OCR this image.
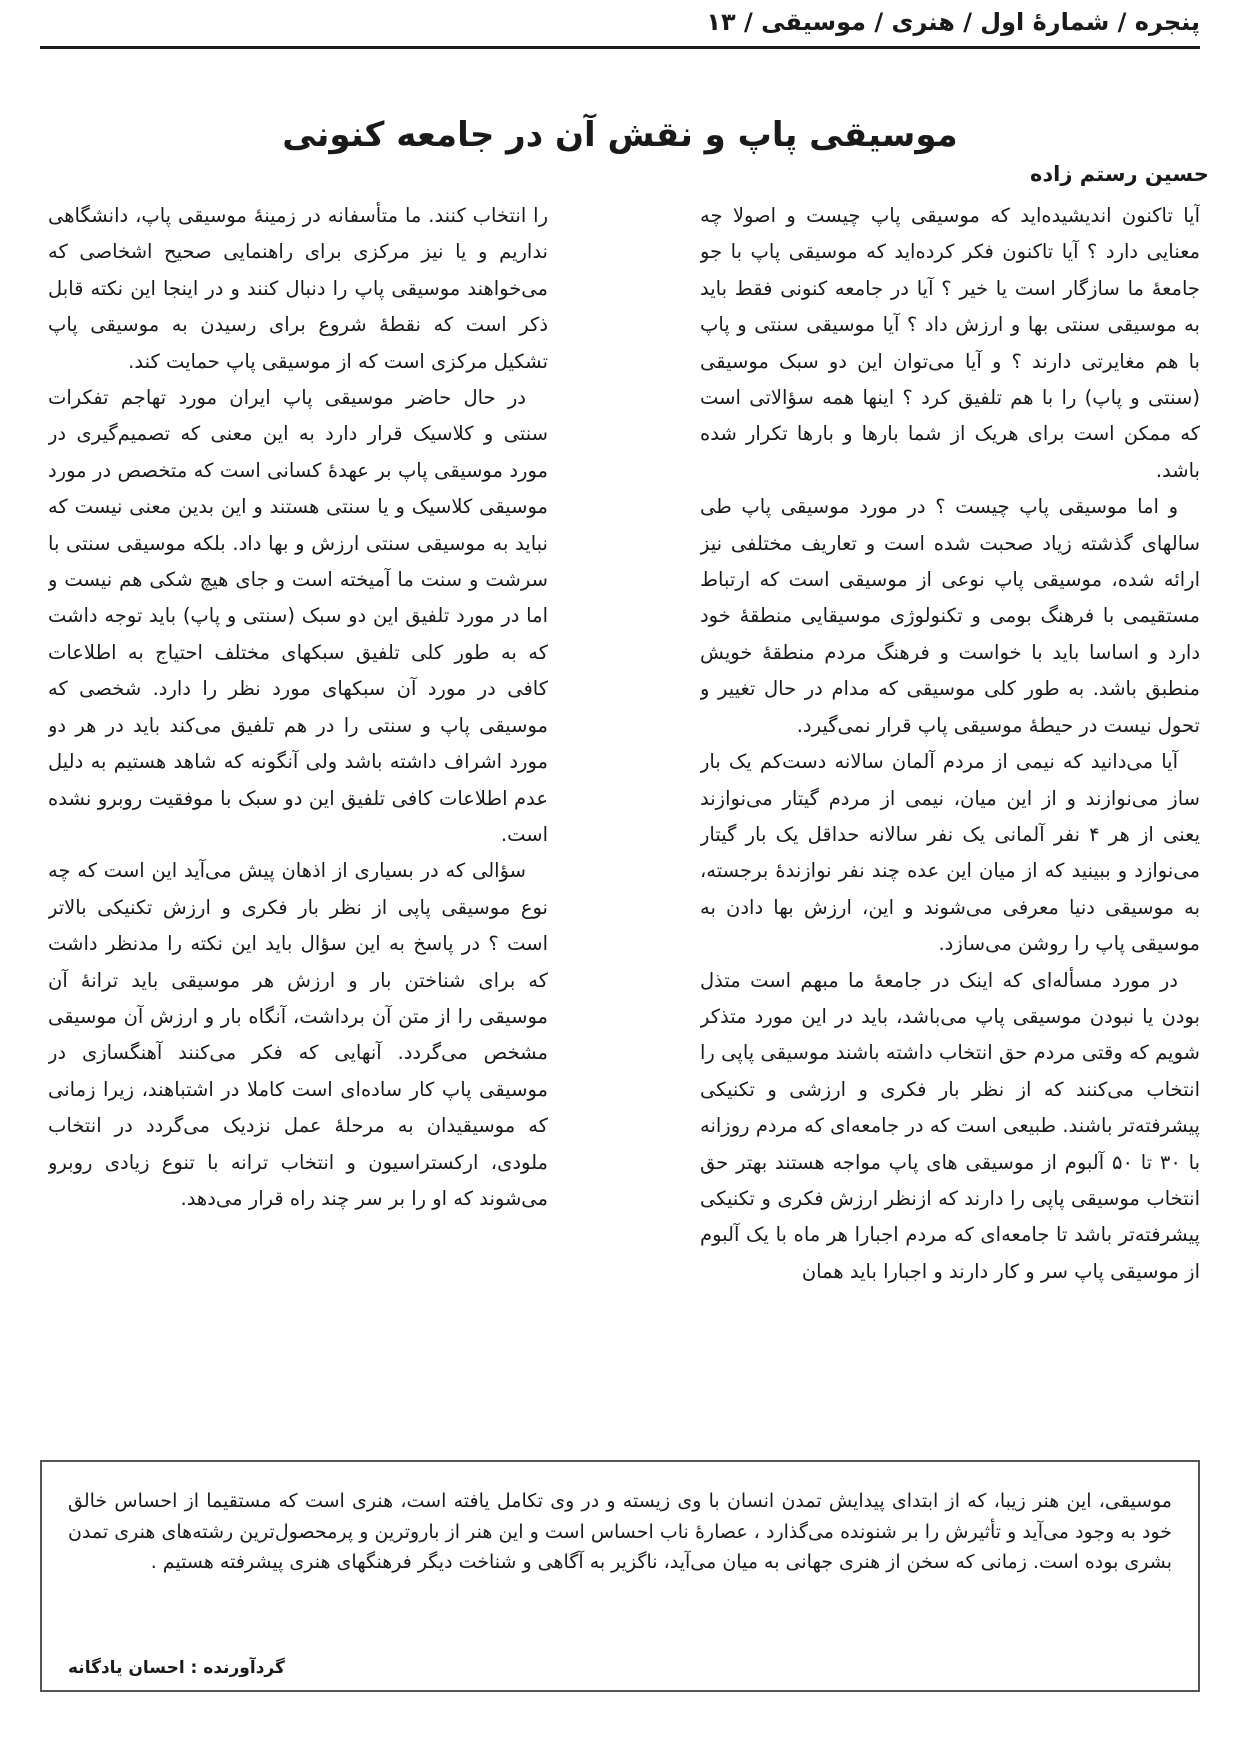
پنجره / شمارهٔ اول / هنری / موسیقی / ۱۳
موسیقی پاپ و نقش آن در جامعه کنونی
حسین رستم زاده

آیا تاکنون اندیشیده‌اید که موسیقی پاپ چیست و اصولا چه معنایی دارد ؟ آیا تاکنون فکر کرده‌اید که موسیقی پاپ با جو جامعهٔ ما سازگار است یا خیر ؟ آیا در جامعه کنونی فقط باید به موسیقی سنتی بها و ارزش داد ؟ آیا موسیقی سنتی و پاپ با هم مغایرتی دارند ؟ و آیا می‌توان این دو سبک موسیقی (سنتی و پاپ) را با هم تلفیق کرد ؟ اینها همه سؤالاتی است که ممکن است برای هریک از شما بارها و بارها تکرار شده باشد.

و اما موسیقی پاپ چیست ؟ در مورد موسیقی پاپ طی سالهای گذشته زیاد صحبت شده است و تعاریف مختلفی نیز ارائه شده، موسیقی پاپ نوعی از موسیقی است که ارتباط مستقیمی با فرهنگ بومی و تکنولوژی موسیقایی منطقهٔ خود دارد و اساسا باید با خواست و فرهنگ مردم منطقهٔ خویش منطبق باشد. به طور کلی موسیقی که مدام در حال تغییر و تحول نیست در حیطهٔ موسیقی پاپ قرار نمی‌گیرد.

آیا می‌دانید که نیمی از مردم آلمان سالانه دست‌کم یک بار ساز می‌نوازند و از این میان، نیمی از مردم گیتار می‌نوازند یعنی از هر ۴ نفر آلمانی یک نفر سالانه حداقل یک بار گیتار می‌نوازد و ببینید که از میان این عده چند نفر نوازندهٔ برجسته، به موسیقی دنیا معرفی می‌شوند و این، ارزش بها دادن به موسیقی پاپ را روشن می‌سازد.

در مورد مسأله‌ای که اینک در جامعهٔ ما مبهم است متذل بودن یا نبودن موسیقی پاپ می‌باشد، باید در این مورد متذکر شویم که وقتی مردم حق انتخاب داشته باشند موسیقی پاپی را انتخاب می‌کنند که از نظر بار فکری و ارزشی و تکنیکی پیشرفته‌تر باشند. طبیعی است که در جامعه‌ای که مردم روزانه با ۳۰ تا ۵۰ آلبوم از موسیقی های پاپ مواجه هستند بهتر حق انتخاب موسیقی پاپی را دارند که ازنظر ارزش فکری و تکنیکی پیشرفته‌تر باشد تا جامعه‌ای که مردم اجبارا هر ماه با یک آلبوم از موسیقی پاپ سر و کار دارند و اجبارا باید همان

را انتخاب کنند. ما متأسفانه در زمینهٔ موسیقی پاپ، دانشگاهی نداریم و یا نیز مرکزی برای راهنمایی صحیح اشخاصی که می‌خواهند موسیقی پاپ را دنبال کنند و در اینجا این نکته قابل ذکر است که نقطهٔ شروع برای رسیدن به موسیقی پاپ تشکیل مرکزی است که از موسیقی پاپ حمایت کند.

در حال حاضر موسیقی پاپ ایران مورد تهاجم تفکرات سنتی و کلاسیک قرار دارد به این معنی که تصمیم‌گیری در مورد موسیقی پاپ بر عهدهٔ کسانی است که متخصص در مورد موسیقی کلاسیک و یا سنتی هستند و این بدین معنی نیست که نباید به موسیقی سنتی ارزش و بها داد. بلکه موسیقی سنتی با سرشت و سنت ما آمیخته است و جای هیچ شکی هم نیست و اما در مورد تلفیق این دو سبک (سنتی و پاپ) باید توجه داشت که به طور کلی تلفیق سبکهای مختلف احتیاج به اطلاعات کافی در مورد آن سبکهای مورد نظر را دارد. شخصی که موسیقی پاپ و سنتی را در هم تلفیق می‌کند باید در هر دو مورد اشراف داشته باشد ولی آنگونه که شاهد هستیم به دلیل عدم اطلاعات کافی تلفیق این دو سبک با موفقیت روبرو نشده است.

سؤالی که در بسیاری از اذهان پیش می‌آید این است که چه نوع موسیقی پاپی از نظر بار فکری و ارزش تکنیکی بالاتر است ؟ در پاسخ به این سؤال باید این نکته را مدنظر داشت که برای شناختن بار و ارزش هر موسیقی باید ترانهٔ آن موسیقی را از متن آن برداشت، آنگاه بار و ارزش آن موسیقی مشخص می‌گردد. آنهایی که فکر می‌کنند آهنگسازی در موسیقی پاپ کار ساده‌ای است کاملا در اشتباهند، زیرا زمانی که موسیقیدان به مرحلهٔ عمل نزدیک می‌گردد در انتخاب ملودی، ارکستراسیون و انتخاب ترانه با تنوع زیادی روبرو می‌شوند که او را بر سر چند راه قرار می‌دهد.

موسیقی، این هنر زیبا، که از ابتدای پیدایش تمدن انسان با وی زیسته و در وی تکامل یافته است، هنری است که مستقیما از احساس خالق خود به وجود می‌آید و تأثیرش را بر شنونده می‌گذارد ، عصارهٔ ناب احساس است و این هنر از باروترین و پرمحصول‌ترین رشته‌های هنری تمدن بشری بوده است. زمانی که سخن از هنری جهانی به میان می‌آید، ناگزیر به آگاهی و شناخت دیگر فرهنگهای هنری پیشرفته هستیم .

گردآورنده : احسان یادگانه
